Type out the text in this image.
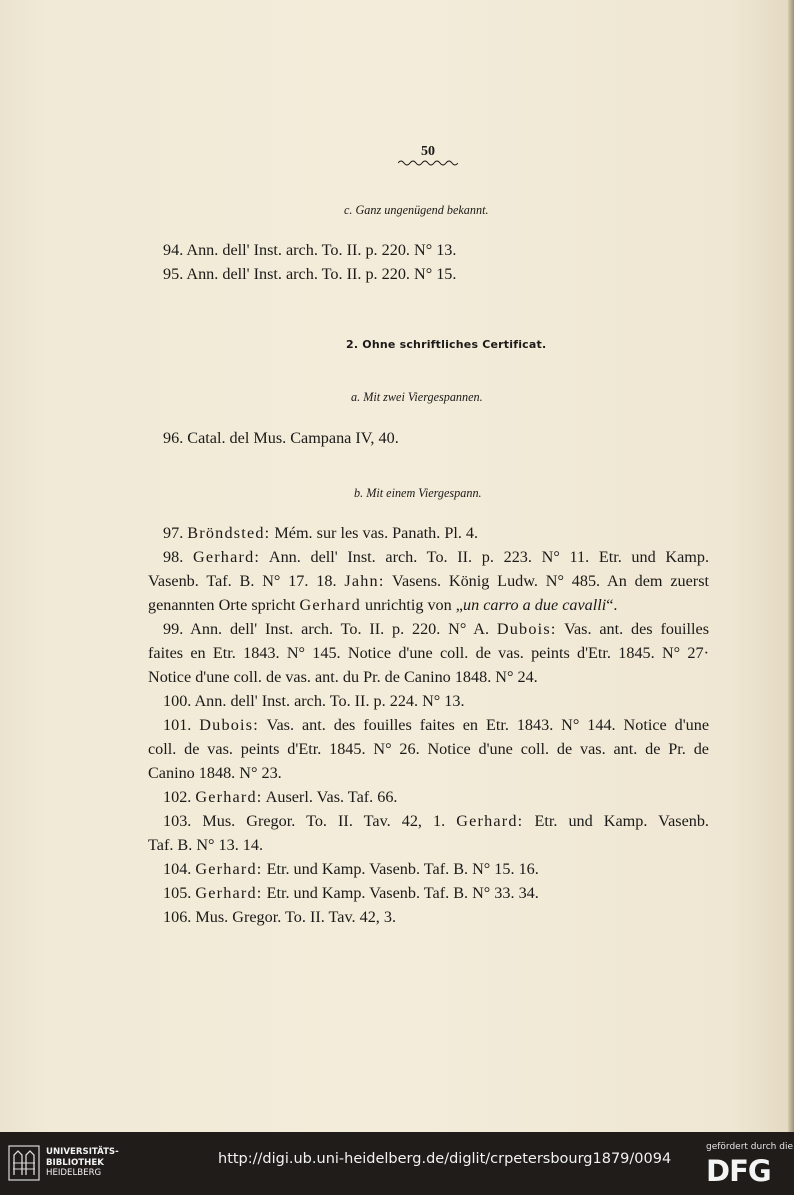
50
c. Ganz ungenügend bekannt.
94. Ann. dell' Inst. arch. To. II. p. 220. N° 13.
95. Ann. dell' Inst. arch. To. II. p. 220. N° 15.
2. Ohne schriftliches Certificat.
a. Mit zwei Viergespannen.
96. Catal. del Mus. Campana IV, 40.
b. Mit einem Viergespann.
97. Bröndsted: Mém. sur les vas. Panath. Pl. 4.
98. Gerhard: Ann. dell' Inst. arch. To. II. p. 223. N° 11. Etr. und Kamp.
Vasenb. Taf. B. N° 17. 18. Jahn: Vasens. König Ludw. N° 485. An dem zuerst
genannten Orte spricht Gerhard unrichtig von „un carro a due cavalli“.
99. Ann. dell' Inst. arch. To. II. p. 220. N° A. Dubois: Vas. ant. des fouilles
faites en Etr. 1843. N° 145. Notice d'une coll. de vas. peints d'Etr. 1845. N° 27·
Notice d'une coll. de vas. ant. du Pr. de Canino 1848. N° 24.
100. Ann. dell' Inst. arch. To. II. p. 224. N° 13.
101. Dubois: Vas. ant. des fouilles faites en Etr. 1843. N° 144. Notice d'une
coll. de vas. peints d'Etr. 1845. N° 26. Notice d'une coll. de vas. ant. de Pr. de
Canino 1848. N° 23.
102. Gerhard: Auserl. Vas. Taf. 66.
103. Mus. Gregor. To. II. Tav. 42, 1. Gerhard: Etr. und Kamp. Vasenb.
Taf. B. N° 13. 14.
104. Gerhard: Etr. und Kamp. Vasenb. Taf. B. N° 15. 16.
105. Gerhard: Etr. und Kamp. Vasenb. Taf. B. N° 33. 34.
106. Mus. Gregor. To. II. Tav. 42, 3.
UNIVERSITÄTS-
BIBLIOTHEK
HEIDELBERG
http://digi.ub.uni-heidelberg.de/diglit/crpetersbourg1879/0094
gefördert durch die
DFG
